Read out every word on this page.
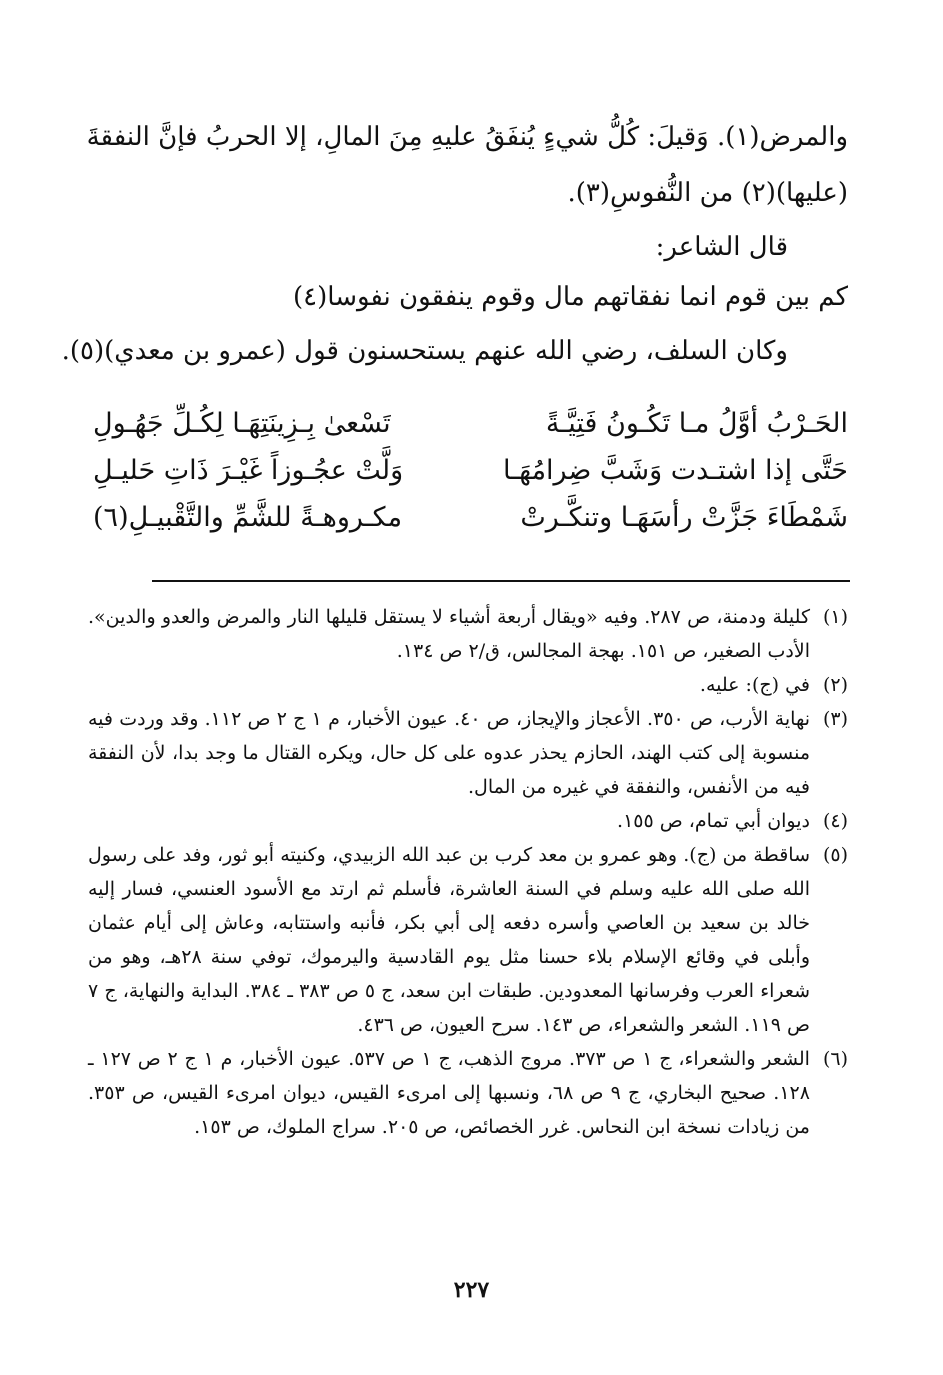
والمرض(١). وَقيلَ: كُلُّ شيءٍ يُنفَقُ عليهِ مِنَ المالِ، إلا الحربُ فإنَّ النفقةَ
(عليها)(٢) من النُّفوسِ(٣).
قال الشاعر:
كم بين قوم انما نفقاتهم مال وقوم ينفقون نفوسا(٤)
وكان السلف، رضي الله عنهم يستحسنون قول (عمرو بن معدي)(٥).
الحَـرْبُ أوَّلُ مـا تَكُـونُ فَتِيَّـةً
تَسْعىٰ بِـزِينَتِهَـا لِكُـلِّ جَهُـولِ
حَتَّى إذا اشتـدت وَشَبَّ ضِرامُهَـا
وَلَّتْ عجُـوزاً غَيْـرَ ذَاتِ حَليـلِ
شَمْطَاءَ جَزَّتْ رأسَهَـا وتنكَّـرتْ
مكـروهـةً للشَّمِّ والتَّقْبيـلِ(٦)
(١)
كليلة ودمنة، ص ٢٨٧. وفيه «ويقال أربعة أشياء لا يستقل قليلها النار والمرض والعدو والدين». الأدب الصغير، ص ١٥١. بهجة المجالس، ق/٢ ص ١٣٤.
(٢)
في (ج): عليه.
(٣)
نهاية الأرب، ص ٣٥٠. الأعجاز والإيجاز، ص ٤٠. عيون الأخبار، م ١ ج ٢ ص ١١٢. وقد وردت فيه منسوبة إلى كتب الهند، الحازم يحذر عدوه على كل حال، ويكره القتال ما وجد بدا، لأن النفقة فيه من الأنفس، والنفقة في غيره من المال.
(٤)
ديوان أبي تمام، ص ١٥٥.
(٥)
ساقطة من (ج). وهو عمرو بن معد كرب بن عبد الله الزبيدي، وكنيته أبو ثور، وفد على رسول الله صلى الله عليه وسلم في السنة العاشرة، فأسلم ثم ارتد مع الأسود العنسي، فسار إليه خالد بن سعيد بن العاصي وأسره دفعه إلى أبي بكر، فأنبه واستتابه، وعاش إلى أيام عثمان وأبلى في وقائع الإسلام بلاء حسنا مثل يوم القادسية واليرموك، توفي سنة ٢٨هـ، وهو من شعراء العرب وفرسانها المعدودين. طبقات ابن سعد، ج ٥ ص ٣٨٣ ـ ٣٨٤. البداية والنهاية، ج ٧ ص ١١٩. الشعر والشعراء، ص ١٤٣. سرح العيون، ص ٤٣٦.
(٦)
الشعر والشعراء، ج ١ ص ٣٧٣. مروج الذهب، ج ١ ص ٥٣٧. عيون الأخبار، م ١ ج ٢ ص ١٢٧ ـ ١٢٨. صحيح البخاري، ج ٩ ص ٦٨، ونسبها إلى امرىء القيس، ديوان امرىء القيس، ص ٣٥٣. من زيادات نسخة ابن النحاس. غرر الخصائص، ص ٢٠٥. سراج الملوك، ص ١٥٣.
٢٢٧
